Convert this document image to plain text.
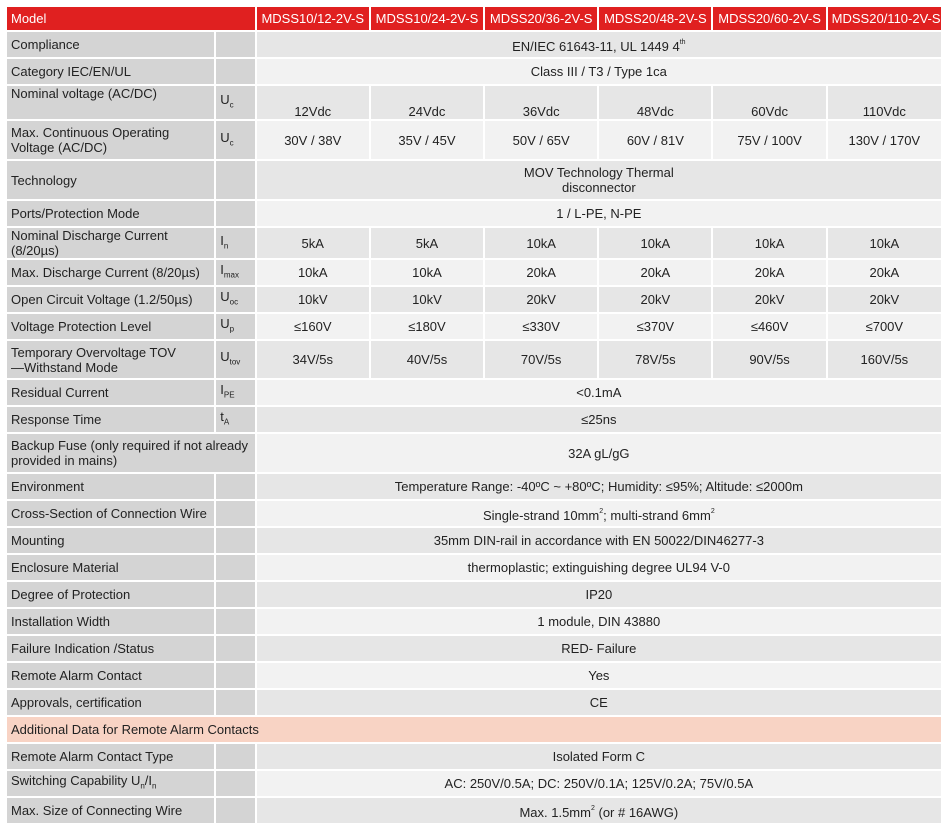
Model		MDSS10/12-2V-S	MDSS10/24-2V-S	MDSS20/36-2V-S	MDSS20/48-2V-S	MDSS20/60-2V-S	MDSS20/110-2V-S
Compliance		EN/IEC 61643-11, UL 1449 4th
Category IEC/EN/UL		Class III / T3 / Type 1ca					
Nominal voltage (AC/DC)	$U_c$	12Vdc	24Vdc	36Vdc	48Vdc	60Vdc	110Vdc
Max. Continuous Operating Voltage (AC/DC)	$U_c$	30V / 38V	35V / 45V	50V / 65V	60V / 81V	75V / 100V	130V / 170V
Technology		MOV Technology Thermal
disconnector					
Ports/Protection Mode		1 / L-PE, N-PE					
Nominal Discharge Current (8/20µs)	$I_n$	5kA	5kA	10kA	10kA	10kA	10kA
Max. Discharge Current (8/20µs)	$I_{max}$	10kA	10kA	20kA	20kA	20kA	20kA
Open Circuit Voltage (1.2/50µs)	$U_{oc}$	10kV	10kV	20kV	20kV	20kV	20kV
Voltage Protection Level	$U_p$	≤160V	≤180V	≤330V	≤370V	≤460V	≤700V
Temporary Overvoltage TOV
—Withstand Mode	$U_{tov}$	34V/5s	40V/5s	70V/5s	78V/5s	90V/5s	160V/5s
Residual Current	$I_{PE}$	<0.1mA					
Response Time	$t_A$	≤25ns					
Backup Fuse (only required if not already provided in mains)		32A gL/gG					
Environment		Temperature Range: -40ºC ~ +80ºC; Humidity: ≤95%; Altitude: ≤2000m					
Cross-Section of Connection Wire		Single-strand $10mm^2$; multi-strand $6mm^2$
Mounting		35mm DIN-rail in accordance with EN 50022/DIN46277-3					
Enclosure Material		thermoplastic; extinguishing degree UL94 V-0					
Degree of Protection		IP20					
Installation Width		1 module, DIN 43880					
Failure Indication /Status		RED- Failure					
Remote Alarm Contact		Yes					
Approvals, certification		CE					
Additional Data for Remote Alarm Contacts							
Remote Alarm Contact Type		Isolated Form C					
Switching Capability $U_n/I_n$		AC: 250V/0.5A; DC: 250V/0.1A; 125V/0.2A; 75V/0.5A					
Max. Size of Connecting Wire		Max. $1.5mm^2$ (or # 16AWG)					
